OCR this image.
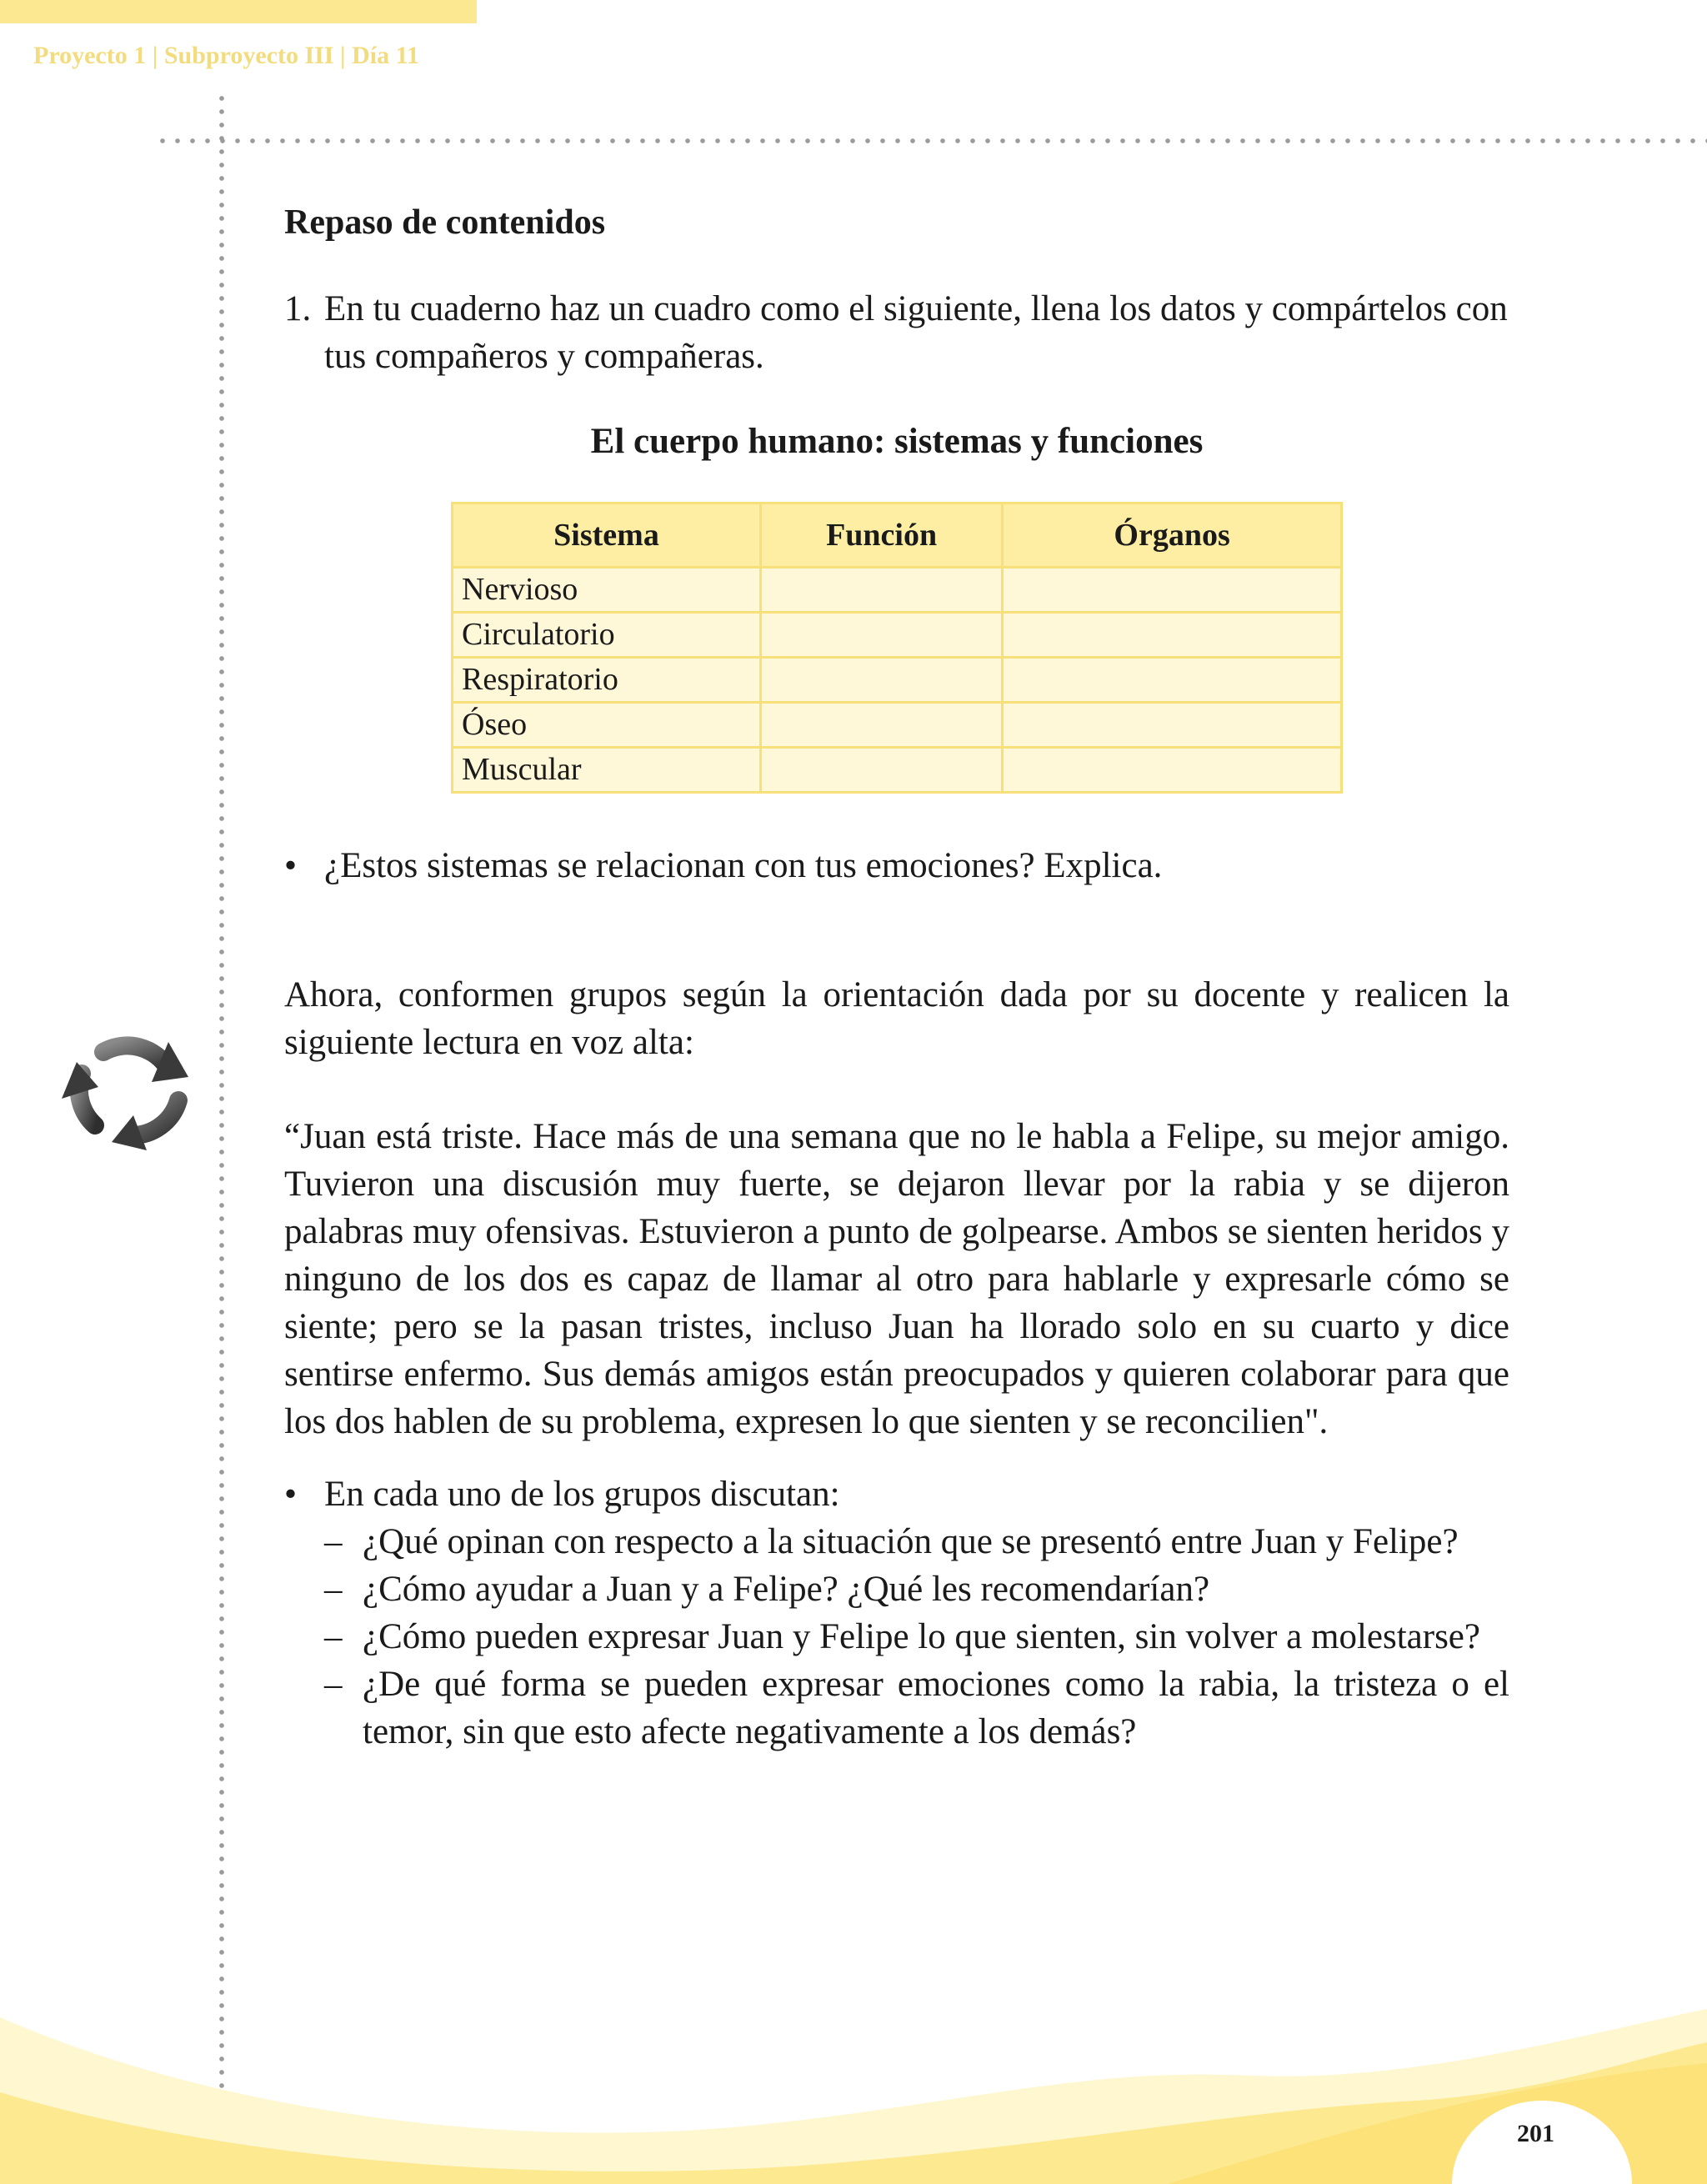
Proyecto 1 | Subproyecto III | Día 11
Repaso de contenidos
1. En tu cuaderno haz un cuadro como el siguiente, llena los datos y compártelos con tus compañeros y compañeras.
El cuerpo humano: sistemas y funciones
Sistema	Función	Órganos
Nervioso		
Circulatorio		
Respiratorio		
Óseo		
Muscular		
• ¿Estos sistemas se relacionan con tus emociones? Explica.

Ahora, conformen grupos según la orientación dada por su docente y realicen la siguiente lectura en voz alta:

“Juan está triste. Hace más de una semana que no le habla a Felipe, su mejor amigo. Tuvieron una discusión muy fuerte, se dejaron llevar por la rabia y se dijeron palabras muy ofensivas. Estuvieron a punto de golpearse. Ambos se sienten heridos y ninguno de los dos es capaz de llamar al otro para hablarle y expresarle cómo se siente; pero se la pasan tristes, incluso Juan ha llorado solo en su cuarto y dice sentirse enfermo. Sus demás amigos están preocupados y quieren colaborar para que los dos hablen de su problema, expresen lo que sienten y se reconcilien".

• En cada uno de los grupos discutan:
– ¿Qué opinan con respecto a la situación que se presentó entre Juan y Felipe?
– ¿Cómo ayudar a Juan y a Felipe? ¿Qué les recomendarían?
– ¿Cómo pueden expresar Juan y Felipe lo que sienten, sin volver a molestarse?
– ¿De qué forma se pueden expresar emociones como la rabia, la tristeza o el temor, sin que esto afecte negativamente a los demás?
201
